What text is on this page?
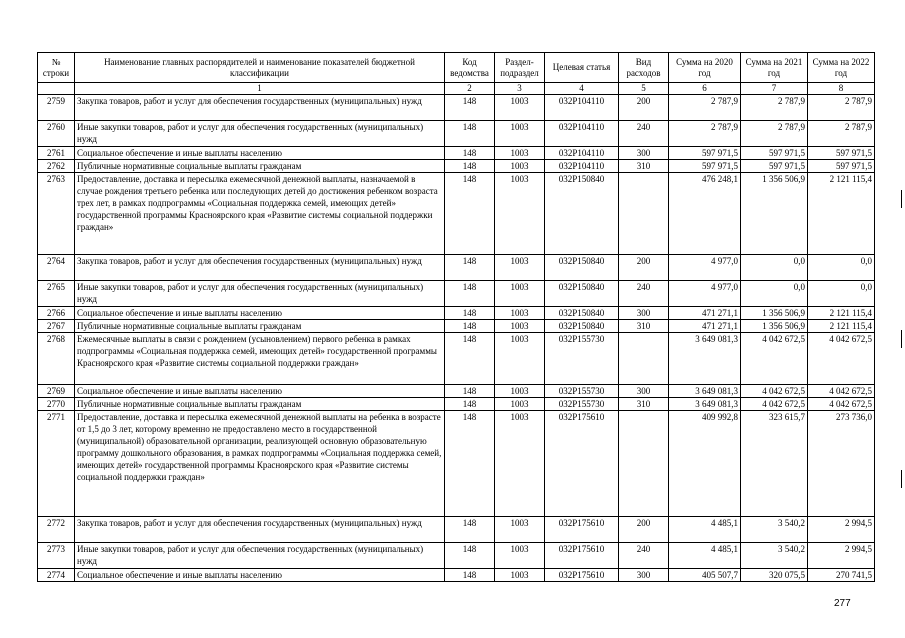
№ строки	Наименование главных распорядителей и наименование показателей бюджетной классификации	Код ведомства	Раздел-подраздел	Целевая статья	Вид расходов	Сумма на 2020 год	Сумма на 2021 год	Сумма на 2022 год
	1	2	3	4	5	6	7	8
2759	Закупка товаров, работ и услуг для обеспечения государственных (муниципальных) нужд	148	1003	032P104110	200	2 787,9	2 787,9	2 787,9
2760	Иные закупки товаров, работ и услуг для обеспечения государственных (муниципальных) нужд	148	1003	032P104110	240	2 787,9	2 787,9	2 787,9
2761	Социальное обеспечение и иные выплаты населению	148	1003	032P104110	300	597 971,5	597 971,5	597 971,5
2762	Публичные нормативные социальные выплаты гражданам	148	1003	032P104110	310	597 971,5	597 971,5	597 971,5
2763	Предоставление, доставка и пересылка ежемесячной денежной выплаты, назначаемой в случае рождения третьего ребенка или последующих детей до достижения ребенком возраста трех лет, в рамках подпрограммы «Социальная поддержка семей, имеющих детей» государственной программы Красноярского края «Развитие системы социальной поддержки граждан»	148	1003	032P150840		476 248,1	1 356 506,9	2 121 115,4
2764	Закупка товаров, работ и услуг для обеспечения государственных (муниципальных) нужд	148	1003	032P150840	200	4 977,0	0,0	0,0
2765	Иные закупки товаров, работ и услуг для обеспечения государственных (муниципальных) нужд	148	1003	032P150840	240	4 977,0	0,0	0,0
2766	Социальное обеспечение и иные выплаты населению	148	1003	032P150840	300	471 271,1	1 356 506,9	2 121 115,4
2767	Публичные нормативные социальные выплаты гражданам	148	1003	032P150840	310	471 271,1	1 356 506,9	2 121 115,4
2768	Ежемесячные выплаты в связи с рождением (усыновлением) первого ребенка в рамках подпрограммы «Социальная поддержка семей, имеющих детей» государственной программы Красноярского края «Развитие системы социальной поддержки граждан»	148	1003	032P155730		3 649 081,3	4 042 672,5	4 042 672,5
2769	Социальное обеспечение и иные выплаты населению	148	1003	032P155730	300	3 649 081,3	4 042 672,5	4 042 672,5
2770	Публичные нормативные социальные выплаты гражданам	148	1003	032P155730	310	3 649 081,3	4 042 672,5	4 042 672,5
2771	Предоставление, доставка и пересылка ежемесячной денежной выплаты на ребенка в возрасте от 1,5 до 3 лет, которому временно не предоставлено место в государственной (муниципальной) образовательной организации, реализующей основную образовательную программу дошкольного образования, в рамках подпрограммы «Социальная поддержка семей, имеющих детей» государственной программы Красноярского края «Развитие системы социальной поддержки граждан»	148	1003	032P175610		409 992,8	323 615,7	273 736,0
2772	Закупка товаров, работ и услуг для обеспечения государственных (муниципальных) нужд	148	1003	032P175610	200	4 485,1	3 540,2	2 994,5
2773	Иные закупки товаров, работ и услуг для обеспечения государственных (муниципальных) нужд	148	1003	032P175610	240	4 485,1	3 540,2	2 994,5
2774	Социальное обеспечение и иные выплаты населению	148	1003	032P175610	300	405 507,7	320 075,5	270 741,5
277
